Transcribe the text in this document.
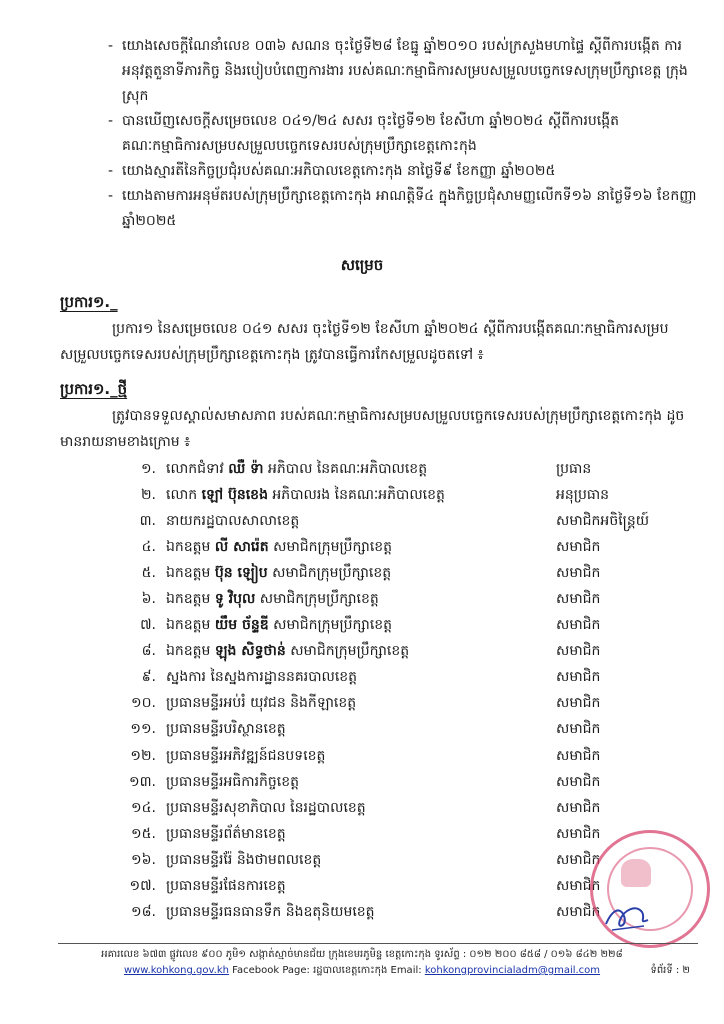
- យោងសេចក្តីណែនាំលេខ ០៣៦ សណន ចុះថ្ងៃទី២៨ ខែធ្នូ ឆ្នាំ២០១០ របស់ក្រសួងមហាផ្ទៃ ស្តីពីការបង្កើត ការអនុវត្តតួនាទីភារកិច្ច និងរបៀបបំពេញការងារ របស់គណៈកម្មាធិការសម្របសម្រួលបច្ចេកទេសក្រុមប្រឹក្សាខេត្ត ក្រុង ស្រុក
- បានឃើញសេចក្តីសម្រេចលេខ ០៤១/២៤ សសរ ចុះថ្ងៃទី១២ ខែសីហា ឆ្នាំ២០២៤ ស្តីពីការបង្កើតគណៈកម្មាធិការសម្របសម្រួលបច្ចេកទេសរបស់ក្រុមប្រឹក្សាខេត្តកោះកុង
- យោងស្មារតីនៃកិច្ចប្រជុំរបស់គណៈអភិបាលខេត្តកោះកុង នាថ្ងៃទី៩ ខែកញ្ញា ឆ្នាំ២០២៥
- យោងតាមការអនុម័តរបស់ក្រុមប្រឹក្សាខេត្តកោះកុង អាណត្តិទី៤ ក្នុងកិច្ចប្រជុំសាមញ្ញលើកទី១៦ នាថ្ងៃទី១៦ ខែកញ្ញា ឆ្នាំ២០២៥
សម្រេច
ប្រការ១._
ប្រការ១ នៃសម្រេចលេខ ០៤១ សសរ ចុះថ្ងៃទី១២ ខែសីហា ឆ្នាំ២០២៤ ស្តីពីការបង្កើតគណៈកម្មាធិការសម្របសម្រួលបច្ចេកទេសរបស់ក្រុមប្រឹក្សាខេត្តកោះកុង ត្រូវបានធ្វើការកែសម្រួលដូចតទៅ ៖
ប្រការ១._ថ្មី
ត្រូវបានទទួលស្គាល់សមាសភាព របស់គណៈកម្មាធិការសម្របសម្រួលបច្ចេកទេសរបស់ក្រុមប្រឹក្សាខេត្តកោះកុង ដូចមានរាយនាមខាងក្រោម ៖
១. លោកជំទាវ ឈឺ ទ៉ា អភិបាល នៃគណៈអភិបាលខេត្ត	ប្រធាន
២. លោក ឡៅ ប៊ុនខេង អភិបាលរង នៃគណៈអភិបាលខេត្ត	អនុប្រធាន
៣. នាយករដ្ឋបាលសាលាខេត្ត	សមាជិកអចិន្ត្រៃយ៍
៤. ឯកឧត្តម លី សារ៉េត សមាជិកក្រុមប្រឹក្សាខេត្ត	សមាជិក
៥. ឯកឧត្តម ប៊ុន ឡៀប សមាជិកក្រុមប្រឹក្សាខេត្ត	សមាជិក
៦. ឯកឧត្តម ទូ វិបុល សមាជិកក្រុមប្រឹក្សាខេត្ត	សមាជិក
៧. ឯកឧត្តម យឹម ច័ន្ទឌី សមាជិកក្រុមប្រឹក្សាខេត្ត	សមាជិក
៨. ឯកឧត្តម ឡុង សិទ្ធថាន់ សមាជិកក្រុមប្រឹក្សាខេត្ត	សមាជិក
៩. ស្នងការ នៃស្នងការដ្ឋាននគរបាលខេត្ត	សមាជិក
១០. ប្រធានមន្ទីរអប់រំ យុវជន និងកីឡាខេត្ត	សមាជិក
១១. ប្រធានមន្ទីរបរិស្ថានខេត្ត	សមាជិក
១២. ប្រធានមន្ទីរអភិវឌ្ឍន៍ជនបទខេត្ត	សមាជិក
១៣. ប្រធានមន្ទីរអធិការកិច្ចខេត្ត	សមាជិក
១៤. ប្រធានមន្ទីរសុខាភិបាល នៃរដ្ឋបាលខេត្ត	សមាជិក
១៥. ប្រធានមន្ទីរព័ត៌មានខេត្ត	សមាជិក
១៦. ប្រធានមន្ទីររ៉ែ និងថាមពលខេត្ត	សមាជិក
១៧. ប្រធានមន្ទីរផែនការខេត្ត	សមាជិក
១៨. ប្រធានមន្ទីរធនធានទឹក និងឧតុនិយមខេត្ត	សមាជិក
អគារលេខ ៦៧៣ ផ្លូវលេខ ៩០០ ភូមិ១ សង្កាត់ស្មាច់មានជ័យ ក្រុងខេមរភូមិន្ទ ខេត្តកោះកុង ទូរស័ព្ទ : ០១២ ២០០ ៨៥៨ / ០១៦ ៨៤២ ២២៨
www.kohkong.gov.kh Facebook Page: រដ្ឋបាលខេត្តកោះកុង Email: kohkongprovincialadm@gmail.com	ទំព័រទី : ២
